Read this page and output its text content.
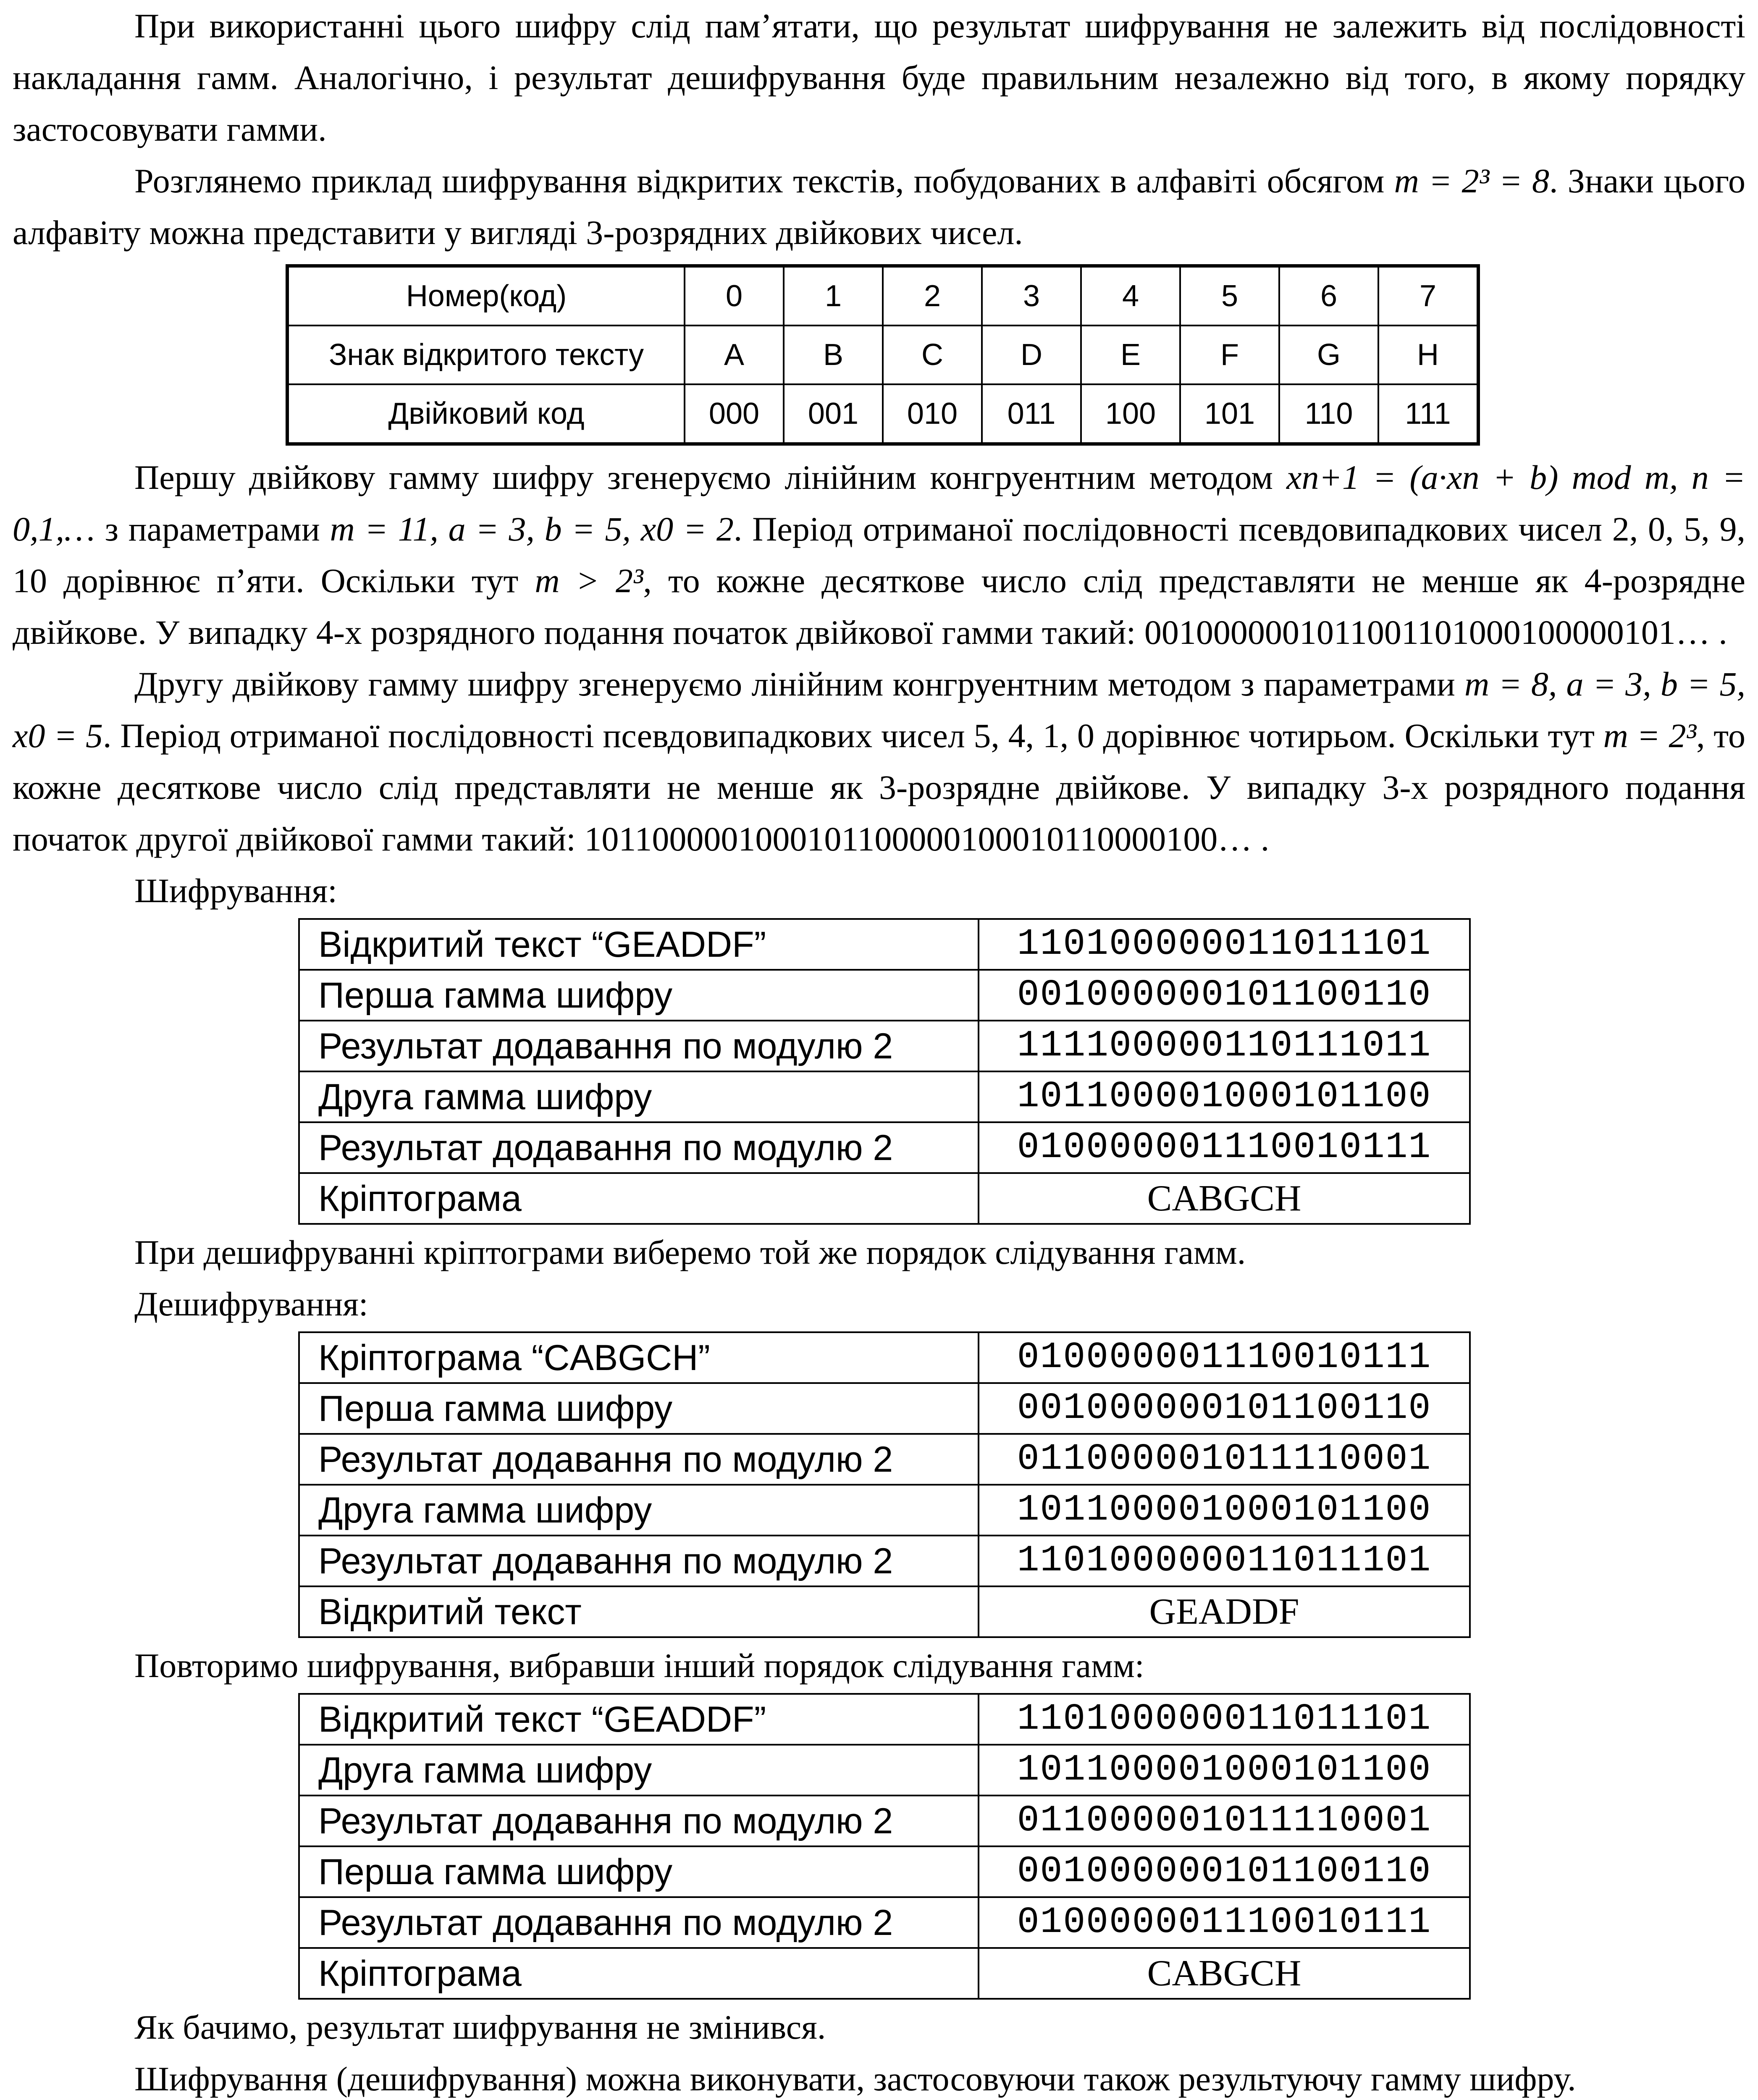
При використанні цього шифру слід пам’ятати, що результат шифрування не залежить від послідовності накладання гамм. Аналогічно, і результат дешифрування буде правильним незалежно від того, в якому порядку застосовувати гамми.

Розглянемо приклад шифрування відкритих текстів, побудованих в алфавіті обсягом m = 2³ = 8. Знаки цього алфавіту можна представити у вигляді 3-розрядних двійкових чисел.

Номер(код)	0	1	2	3	4	5	6	7
Знак відкритого тексту	A	B	C	D	E	F	G	H
Двійковий код	000	001	010	011	100	101	110	111

Першу двійкову гамму шифру згенеруємо лінійним конгруентним методом xn+1 = (a·xn + b) mod m, n = 0,1,… з параметрами m = 11, a = 3, b = 5, x0 = 2. Період отриманої послідовності псевдовипадкових чисел 2, 0, 5, 9, 10 дорівнює п’яти. Оскільки тут m > 2³, то кожне десяткове число слід представляти не менше як 4-розрядне двійкове. У випадку 4-х розрядного подання початок двійкової гамми такий: 0010000001011001101000100000101… .

Другу двійкову гамму шифру згенеруємо лінійним конгруентним методом з параметрами m = 8, a = 3, b = 5, x0 = 5. Період отриманої послідовності псевдовипадкових чисел 5, 4, 1, 0 дорівнює чотирьом. Оскільки тут m = 2³, то кожне десяткове число слід представляти не менше як 3-розрядне двійкове. У випадку 3-х розрядного подання початок другої двійкової гамми такий: 1011000001000101100000100010110000100… .

Шифрування:

Відкритий текст “GEADDF”	110100000011011101
Перша гамма шифру	001000000101100110
Результат додавання по модулю 2	111100000110111011
Друга гамма шифру	101100001000101100
Результат додавання по модулю 2	010000001110010111
Кріптограма	CABGCH

При дешифруванні кріптограми виберемо той же порядок слідування гамм.

Дешифрування:

Кріптограма “CABGCH”	010000001110010111
Перша гамма шифру	001000000101100110
Результат додавання по модулю 2	011000001011110001
Друга гамма шифру	101100001000101100
Результат додавання по модулю 2	110100000011011101
Відкритий текст	GEADDF

Повторимо шифрування, вибравши інший порядок слідування гамм:

Відкритий текст “GEADDF”	110100000011011101
Друга гамма шифру	101100001000101100
Результат додавання по модулю 2	011000001011110001
Перша гамма шифру	001000000101100110
Результат додавання по модулю 2	010000001110010111
Кріптограма	CABGCH

Як бачимо, результат шифрування не змінився.

Шифрування (дешифрування) можна виконувати, застосовуючи також результуючу гамму шифру.
